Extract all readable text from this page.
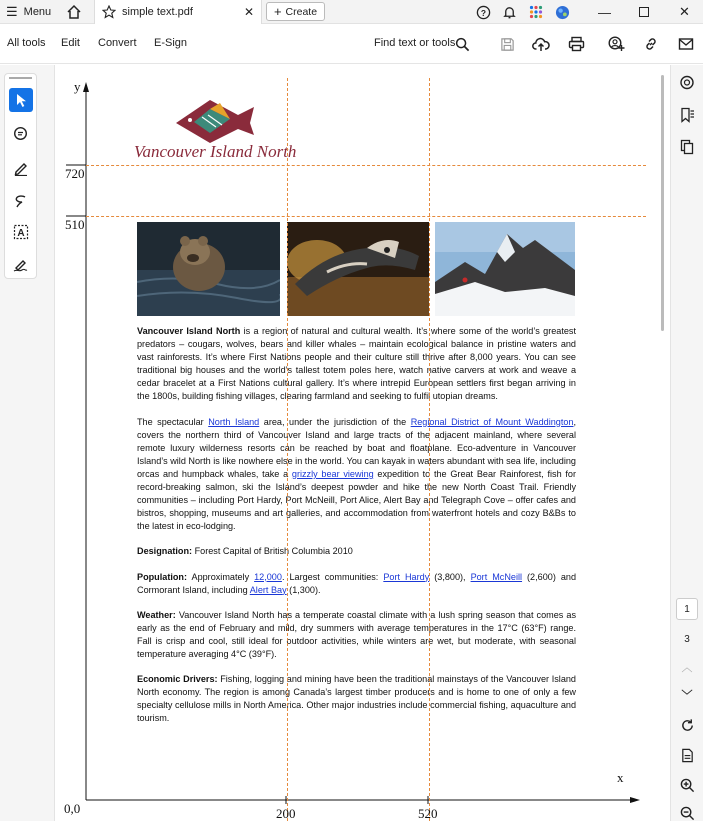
☰ Menu	simple text.pdf	✕ + Create	?	—	✕
All tools Edit Convert E-Sign	Find text or tools
A
Vancouver Island North

Vancouver Island North is a region of natural and cultural wealth. It’s where some of the world’s greatest predators – cougars, wolves, bears and killer whales – maintain ecological balance in pristine waters and vast rainforests. It’s where First Nations people and their culture still thrive after 8,000 years. You can see traditional big houses and the world’s tallest totem poles here, watch native carvers at work and weave a cedar bracelet at a First Nations cultural gallery. It’s where intrepid European settlers first began arriving in the 1800s, building fishing villages, clearing farmland and seeking to fulfil utopian dreams.

The spectacular North Island area, under the jurisdiction of the Regional District of Mount Waddington, covers the northern third of Vancouver Island and large tracts of the adjacent mainland, where several remote luxury wilderness resorts can be reached by boat and floatplane. Eco-adventure in Vancouver Island’s wild North is like nowhere else in the world. You can kayak in waters abundant with sea life, including orcas and humpback whales, take a grizzly bear viewing expedition to the Great Bear Rainforest, fish for record-breaking salmon, ski the Island’s deepest powder and hike the new North Coast Trail. Friendly communities – including Port Hardy, Port McNeill, Port Alice, Alert Bay and Telegraph Cove – offer cafes and bistros, shopping, museums and art galleries, and accommodation from waterfront hotels and cozy B&Bs to the latest in eco-lodging.

Designation: Forest Capital of British Columbia 2010

Population: Approximately 12,000. Largest communities: Port Hardy (3,800), Port McNeill (2,600) and Cormorant Island, including Alert Bay (1,300).

Weather: Vancouver Island North has a temperate coastal climate with a lush spring season that comes as early as the end of February and mild, dry summers with average temperatures in the 17°C (63°F) range. Fall is crisp and cool, still ideal for outdoor activities, while winters are wet, but moderate, with seasonal temperature averaging 4°C (39°F).

Economic Drivers: Fishing, logging and mining have been the traditional mainstays of the Vancouver Island North economy. The region is among Canada’s largest timber producers and is home to one of only a few specialty cellulose mills in North America. Other major industries include commercial fishing, aquaculture and tourism.

y
x
0,0
720
510
200	520
3
︿
﹀
1
